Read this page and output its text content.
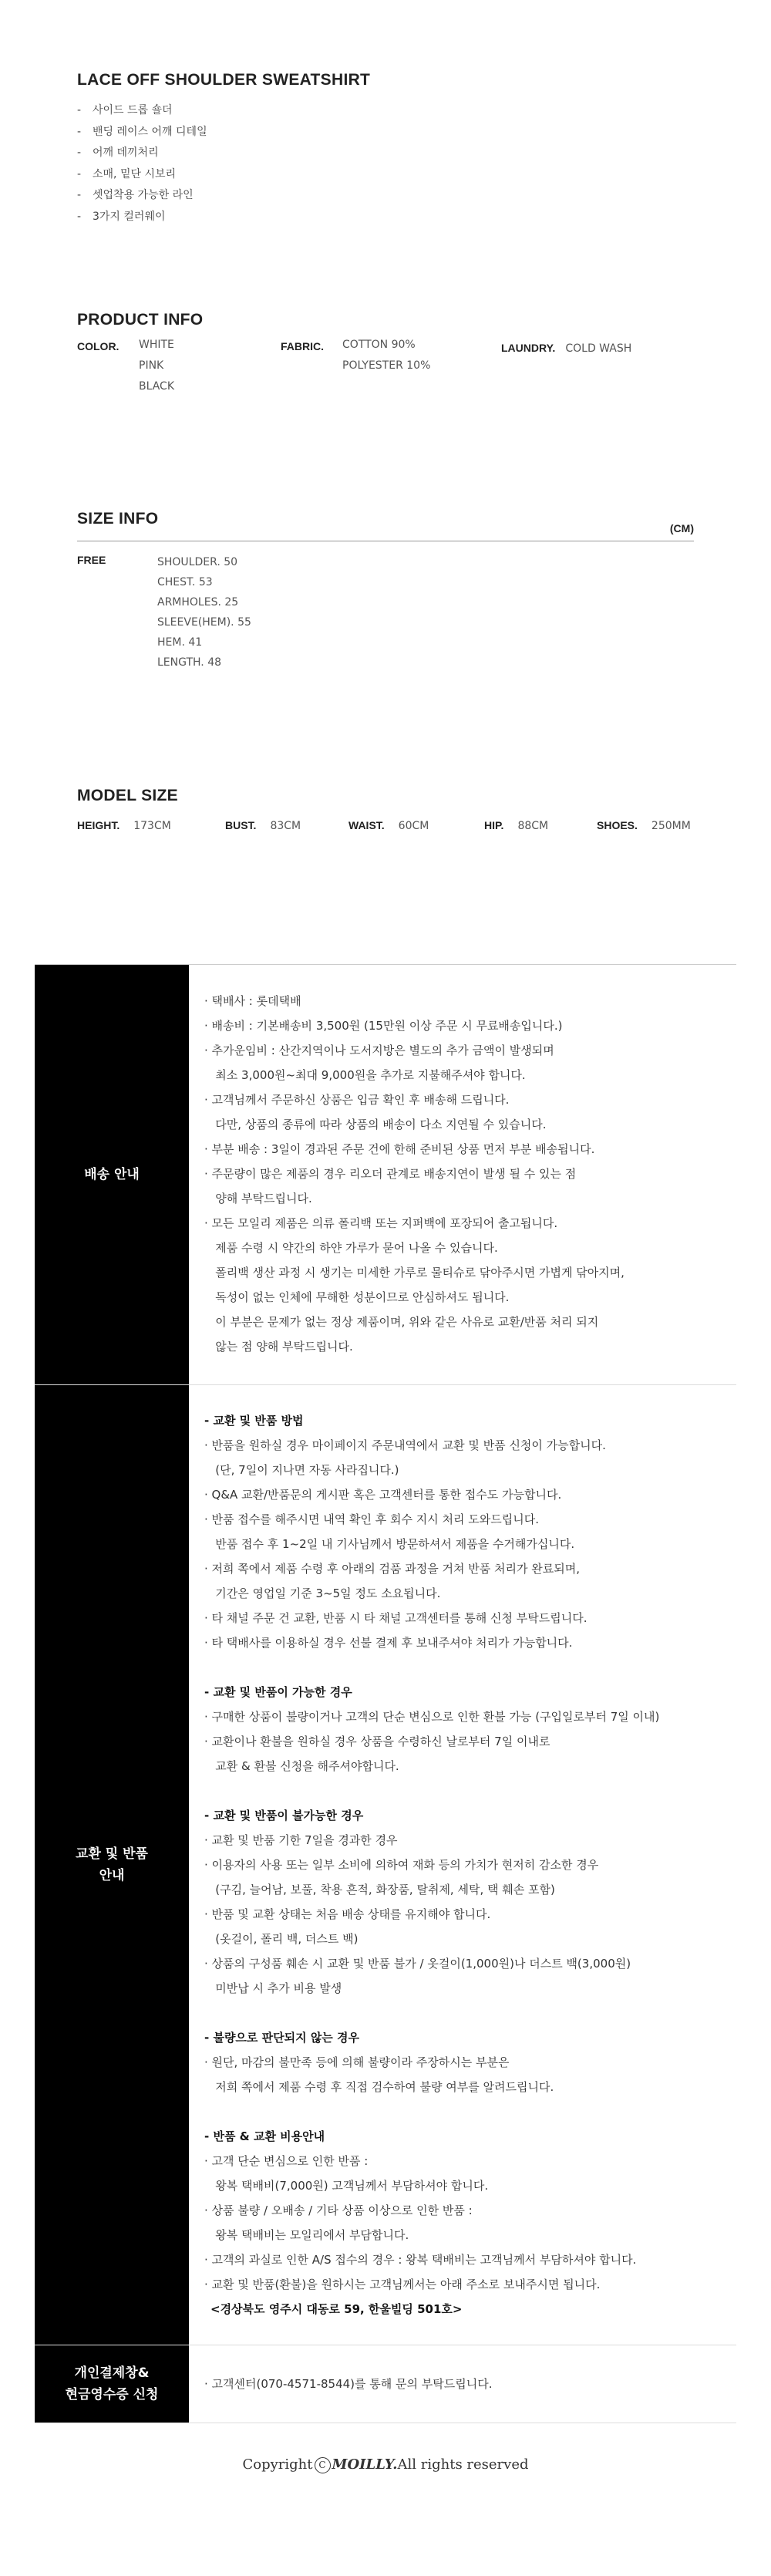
LACE OFF SHOULDER SWEATSHIRT
- 사이드 드롭 숄더
- 밴딩 레이스 어깨 디테일
- 어깨 데끼처리
- 소매, 밑단 시보리
- 셋업착용 가능한 라인
- 3가지 컬러웨이
PRODUCT INFO
COLOR. WHITE
PINK
BLACK
FABRIC. COTTON 90%
POLYESTER 10%
LAUNDRY. COLD WASH
SIZE INFO
(CM)
FREE	SHOULDER. 50
CHEST. 53
ARMHOLES. 25
SLEEVE(HEM). 55
HEM. 41
LENGTH. 48
MODEL SIZE
HEIGHT. 173CM	BUST. 83CM	WAIST. 60CM	HIP. 88CM	SHOES. 250MM
배송 안내

· 택배사 : 롯데택배

· 배송비 : 기본배송비 3,500원 (15만원 이상 주문 시 무료배송입니다.)

· 추가운임비 : 산간지역이나 도서지방은 별도의 추가 금액이 발생되며

최소 3,000원~최대 9,000원을 추가로 지불해주셔야 합니다.

· 고객님께서 주문하신 상품은 입금 확인 후 배송해 드립니다.

다만, 상품의 종류에 따라 상품의 배송이 다소 지연될 수 있습니다.

· 부분 배송 : 3일이 경과된 주문 건에 한해 준비된 상품 먼저 부분 배송됩니다.

· 주문량이 많은 제품의 경우 리오더 관계로 배송지연이 발생 될 수 있는 점

양해 부탁드립니다.

· 모든 모일리 제품은 의류 폴리백 또는 지퍼백에 포장되어 출고됩니다.

제품 수령 시 약간의 하얀 가루가 묻어 나올 수 있습니다.

폴리백 생산 과정 시 생기는 미세한 가루로 물티슈로 닦아주시면 가볍게 닦아지며,

독성이 없는 인체에 무해한 성분이므로 안심하셔도 됩니다.

이 부분은 문제가 없는 정상 제품이며, 위와 같은 사유로 교환/반품 처리 되지

않는 점 양해 부탁드립니다.

교환 및 반품
안내

- 교환 및 반품 방법

· 반품을 원하실 경우 마이페이지 주문내역에서 교환 및 반품 신청이 가능합니다.

(단, 7일이 지나면 자동 사라집니다.)

· Q&A 교환/반품문의 게시판 혹은 고객센터를 통한 접수도 가능합니다.

· 반품 접수를 해주시면 내역 확인 후 회수 지시 처리 도와드립니다.

반품 접수 후 1~2일 내 기사님께서 방문하셔서 제품을 수거해가십니다.

· 저희 쪽에서 제품 수령 후 아래의 검품 과정을 거쳐 반품 처리가 완료되며,

기간은 영업일 기준 3~5일 정도 소요됩니다.

· 타 채널 주문 건 교환, 반품 시 타 채널 고객센터를 통해 신청 부탁드립니다.

· 타 택배사를 이용하실 경우 선불 결제 후 보내주셔야 처리가 가능합니다.

- 교환 및 반품이 가능한 경우

· 구매한 상품이 불량이거나 고객의 단순 변심으로 인한 환불 가능 (구입일로부터 7일 이내)

· 교환이나 환불을 원하실 경우 상품을 수령하신 날로부터 7일 이내로

교환 & 환불 신청을 해주셔야합니다.

- 교환 및 반품이 불가능한 경우

· 교환 및 반품 기한 7일을 경과한 경우

· 이용자의 사용 또는 일부 소비에 의하여 재화 등의 가치가 현저히 감소한 경우

(구김, 늘어남, 보풀, 착용 흔적, 화장품, 탈취제, 세탁, 택 훼손 포함)

· 반품 및 교환 상태는 처음 배송 상태를 유지해야 합니다.

(옷걸이, 폴리 백, 더스트 백)

· 상품의 구성품 훼손 시 교환 및 반품 불가 / 옷걸이(1,000원)나 더스트 백(3,000원)

미반납 시 추가 비용 발생

- 불량으로 판단되지 않는 경우

· 원단, 마감의 불만족 등에 의해 불량이라 주장하시는 부분은

저희 쪽에서 제품 수령 후 직접 검수하여 불량 여부를 알려드립니다.

- 반품 & 교환 비용안내

· 고객 단순 변심으로 인한 반품 :

왕복 택배비(7,000원) 고객님께서 부담하셔야 합니다.

· 상품 불량 / 오배송 / 기타 상품 이상으로 인한 반품 :

왕복 택배비는 모일리에서 부담합니다.

· 고객의 과실로 인한 A/S 접수의 경우 : 왕복 택배비는 고객님께서 부담하셔야 합니다.

· 교환 및 반품(환불)을 원하시는 고객님께서는 아래 주소로 보내주시면 됩니다.

<경상북도 영주시 대동로 59, 한울빌딩 501호>

개인결제창&
현금영수증 신청

· 고객센터(070-4571-8544)를 통해 문의 부탁드립니다.

Copyright C MOILLY.All rights reserved
